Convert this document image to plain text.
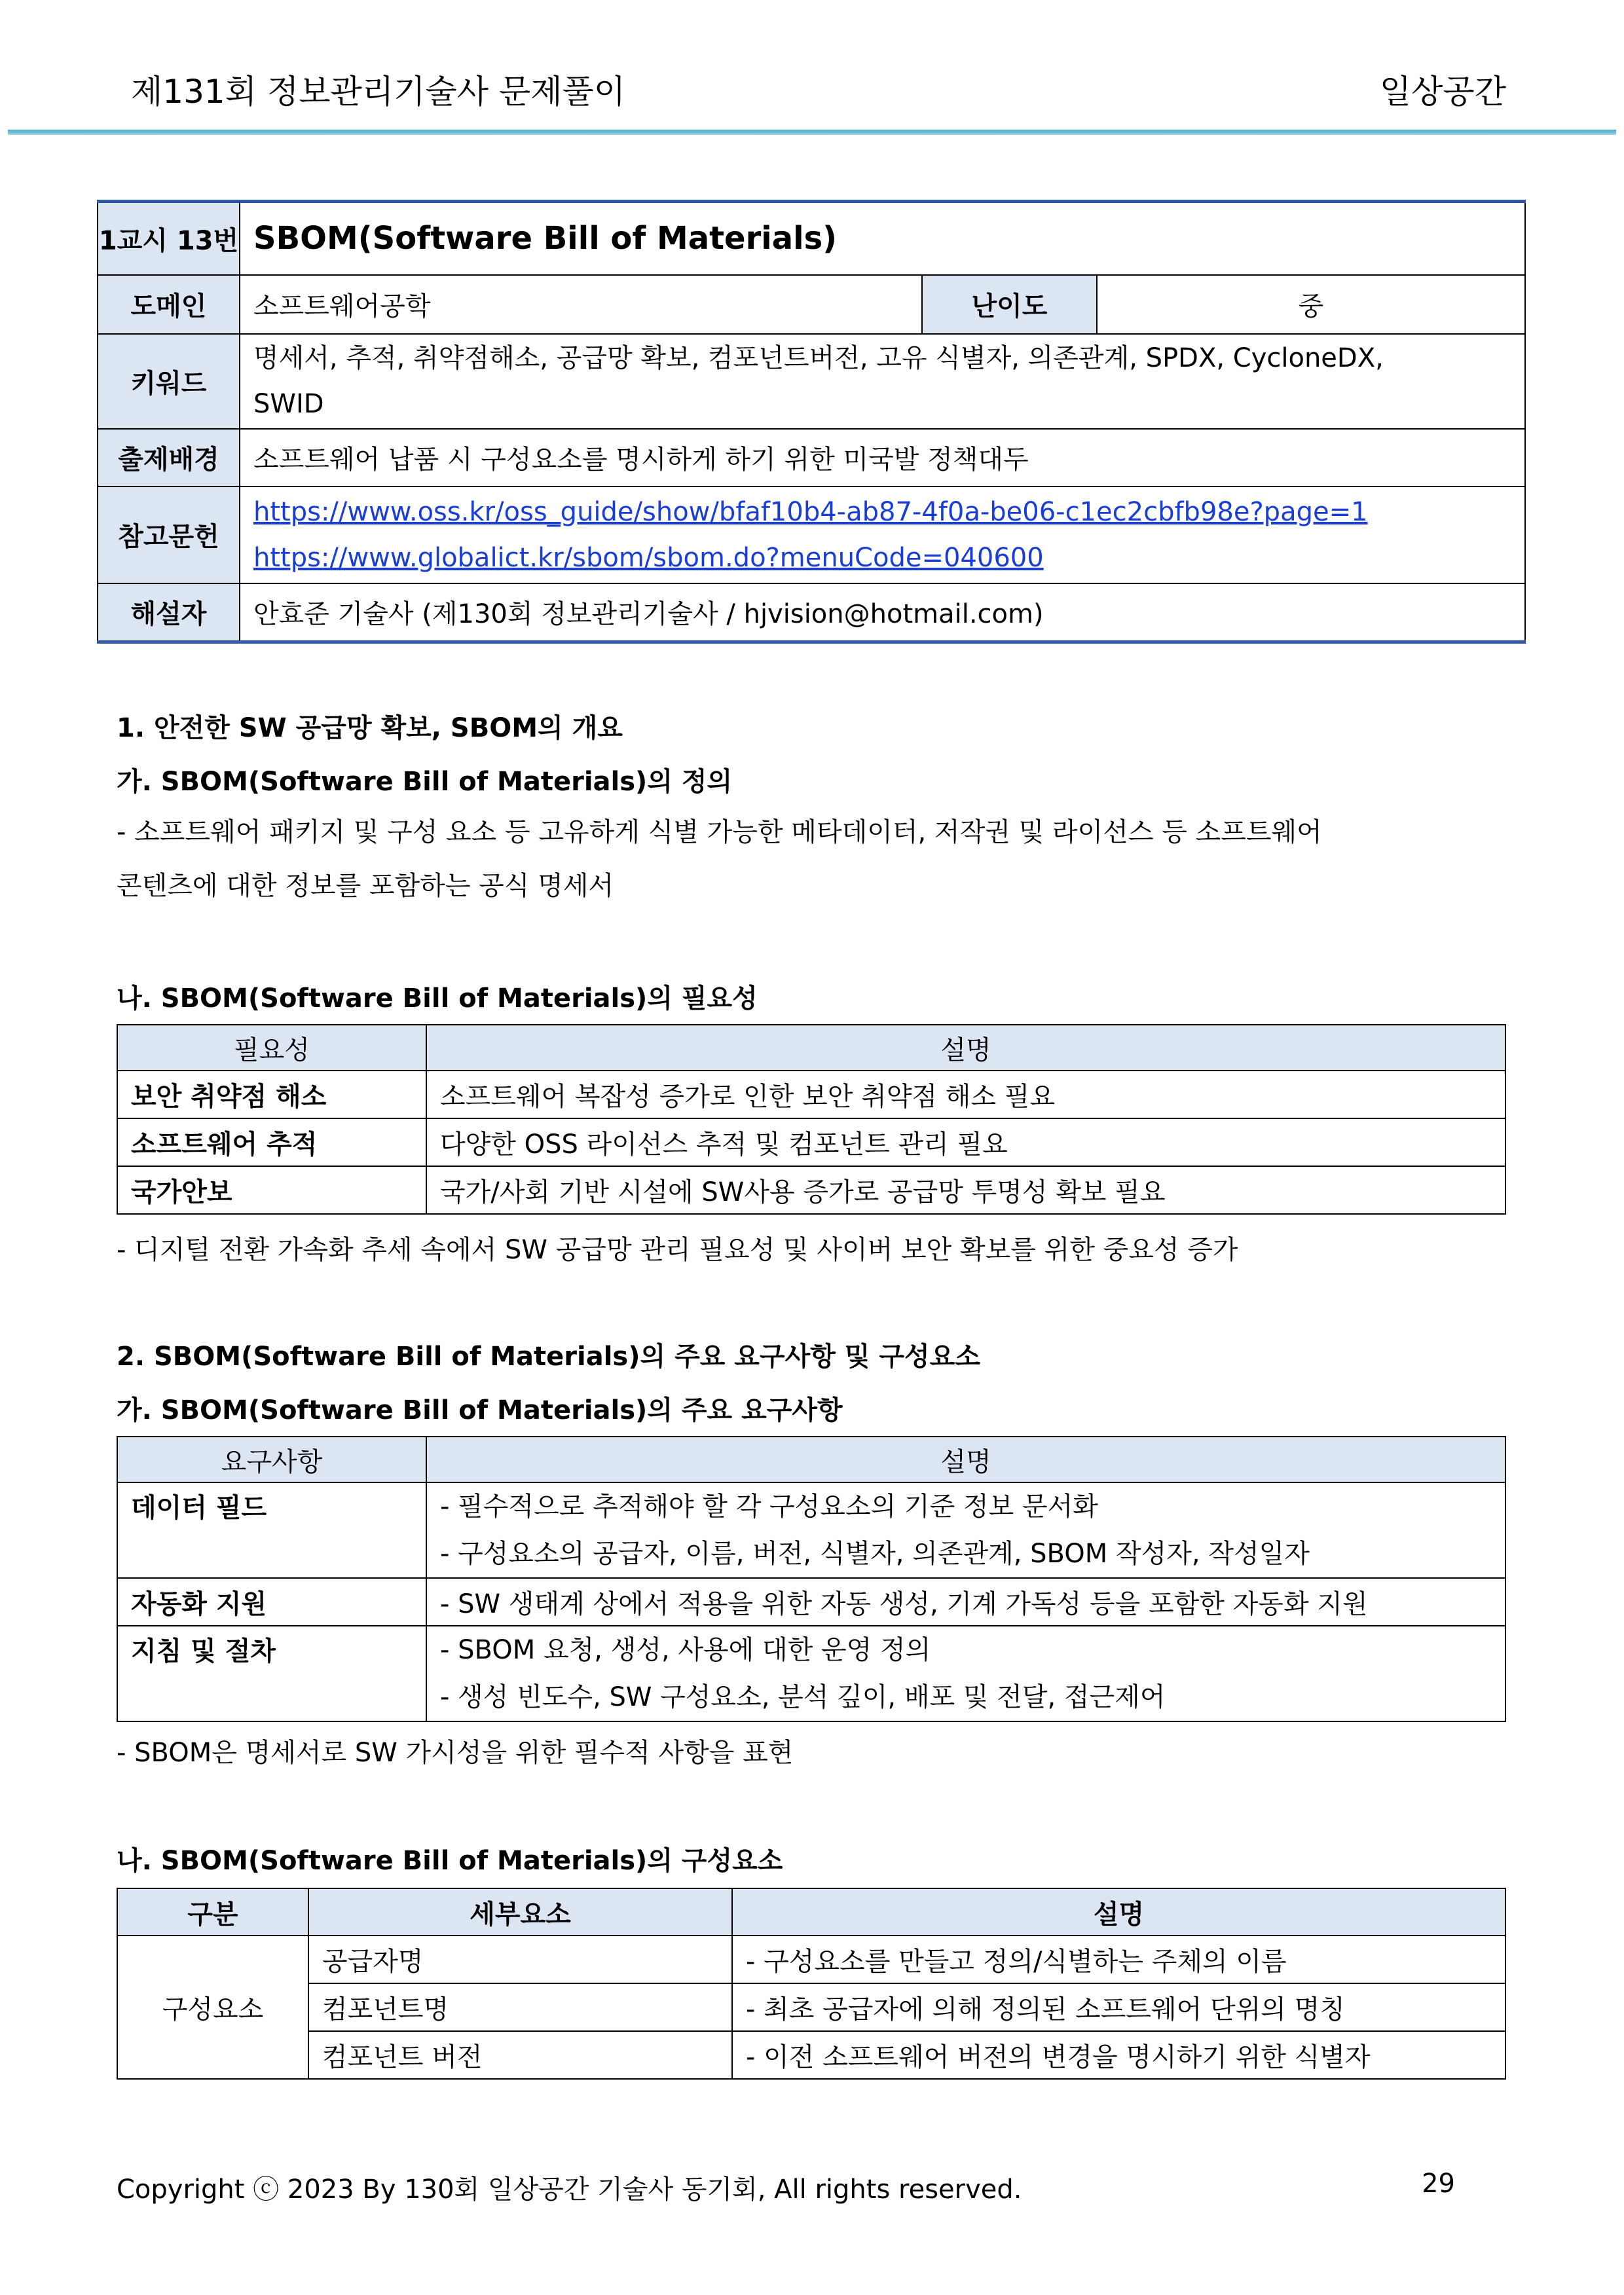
제131회 정보관리기술사 문제풀이	일상공간
1교시 13번	SBOM(Software Bill of Materials)		
도메인	소프트웨어공학	난이도	중
키워드	명세서, 추적, 취약점해소, 공급망 확보, 컴포넌트버전, 고유 식별자, 의존관계, SPDX, CycloneDX,
SWID		

출제배경	소프트웨어 납품 시 구성요소를 명시하게 하기 위한 미국발 정책대두		
참고문헌	https://www.oss.kr/oss_guide/show/bfaf10b4-ab87-4f0a-be06-c1ec2cbfb98e?page=1
https://www.globalict.kr/sbom/sbom.do?menuCode=040600		

해설자	안효준 기술사 (제130회 정보관리기술사 / hjvision@hotmail.com)		
1. 안전한 SW 공급망 확보, SBOM의 개요
가. SBOM(Software Bill of Materials)의 정의
- 소프트웨어 패키지 및 구성 요소 등 고유하게 식별 가능한 메타데이터, 저작권 및 라이선스 등 소프트웨어
콘텐츠에 대한 정보를 포함하는 공식 명세서
나. SBOM(Software Bill of Materials)의 필요성
필요성	설명
보안 취약점 해소	소프트웨어 복잡성 증가로 인한 보안 취약점 해소 필요
소프트웨어 추적	다양한 OSS 라이선스 추적 및 컴포넌트 관리 필요
국가안보	국가/사회 기반 시설에 SW사용 증가로 공급망 투명성 확보 필요
- 디지털 전환 가속화 추세 속에서 SW 공급망 관리 필요성 및 사이버 보안 확보를 위한 중요성 증가
2. SBOM(Software Bill of Materials)의 주요 요구사항 및 구성요소
가. SBOM(Software Bill of Materials)의 주요 요구사항
요구사항	설명
데이터 필드	- 필수적으로 추적해야 할 각 구성요소의 기준 정보 문서화
- 구성요소의 공급자, 이름, 버전, 식별자, 의존관계, SBOM 작성자, 작성일자

자동화 지원	- SW 생태계 상에서 적용을 위한 자동 생성, 기계 가독성 등을 포함한 자동화 지원
지침 및 절차	- SBOM 요청, 생성, 사용에 대한 운영 정의
- 생성 빈도수, SW 구성요소, 분석 깊이, 배포 및 전달, 접근제어
- SBOM은 명세서로 SW 가시성을 위한 필수적 사항을 표현
나. SBOM(Software Bill of Materials)의 구성요소
구분	세부요소	설명
구성요소	공급자명	- 구성요소를 만들고 정의/식별하는 주체의 이름
	컴포넌트명	- 최초 공급자에 의해 정의된 소프트웨어 단위의 명칭
	컴포넌트 버전	- 이전 소프트웨어 버전의 변경을 명시하기 위한 식별자
Copyright ⓒ 2023 By 130회 일상공간 기술사 동기회, All rights reserved.	29
